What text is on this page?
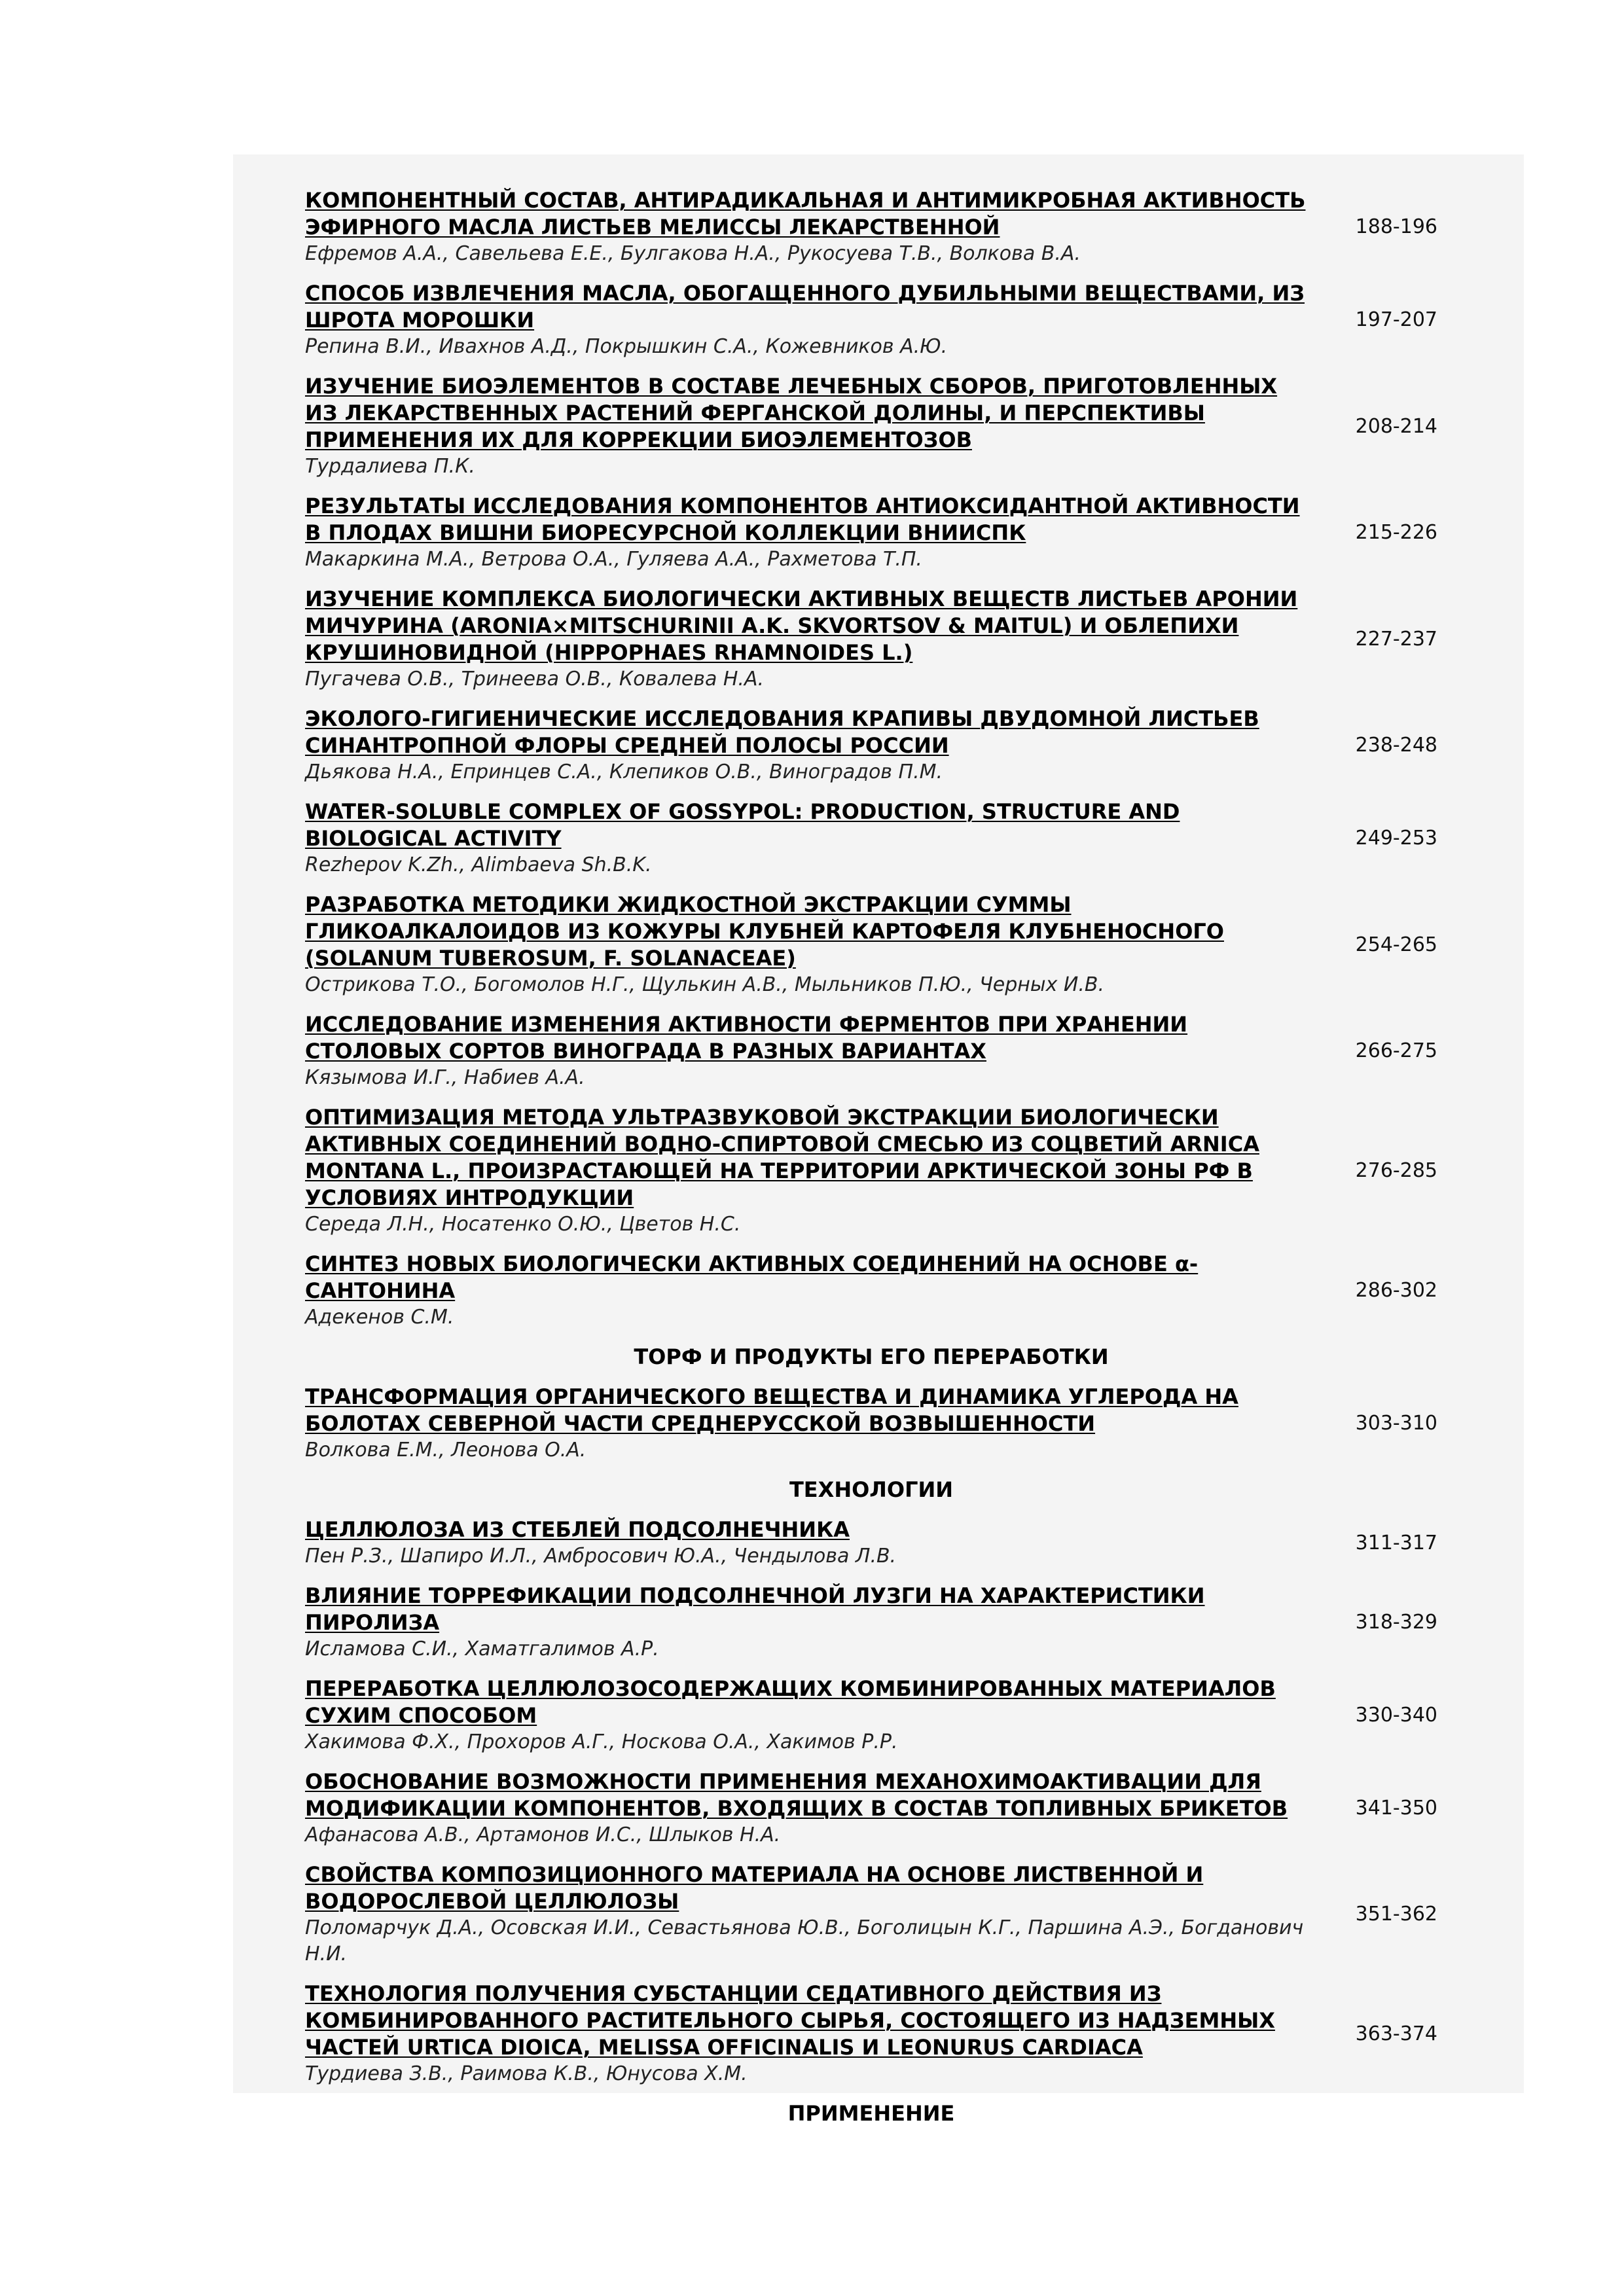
КОМПОНЕНТНЫЙ СОСТАВ, АНТИРАДИКАЛЬНАЯ И АНТИМИКРОБНАЯ АКТИВНОСТЬ ЭФИРНОГО МАСЛА ЛИСТЬЕВ МЕЛИССЫ ЛЕКАРСТВЕННОЙ
Ефремов А.А., Савельева Е.Е., Булгакова Н.А., Рукосуева Т.В., Волкова В.А.
188-196
СПОСОБ ИЗВЛЕЧЕНИЯ МАСЛА, ОБОГАЩЕННОГО ДУБИЛЬНЫМИ ВЕЩЕСТВАМИ, ИЗ ШРОТА МОРОШКИ
Репина В.И., Ивахнов А.Д., Покрышкин С.А., Кожевников А.Ю.
197-207
ИЗУЧЕНИЕ БИОЭЛЕМЕНТОВ В СОСТАВЕ ЛЕЧЕБНЫХ СБОРОВ, ПРИГОТОВЛЕННЫХ ИЗ ЛЕКАРСТВЕННЫХ РАСТЕНИЙ ФЕРГАНСКОЙ ДОЛИНЫ, И ПЕРСПЕКТИВЫ ПРИМЕНЕНИЯ ИХ ДЛЯ КОРРЕКЦИИ БИОЭЛЕМЕНТОЗОВ
Турдалиева П.К.
208-214
РЕЗУЛЬТАТЫ ИССЛЕДОВАНИЯ КОМПОНЕНТОВ АНТИОКСИДАНТНОЙ АКТИВНОСТИ В ПЛОДАХ ВИШНИ БИОРЕСУРСНОЙ КОЛЛЕКЦИИ ВНИИСПК
Макаркина М.А., Ветрова О.А., Гуляева А.А., Рахметова Т.П.
215-226
ИЗУЧЕНИЕ КОМПЛЕКСА БИОЛОГИЧЕСКИ АКТИВНЫХ ВЕЩЕСТВ ЛИСТЬЕВ АРОНИИ МИЧУРИНА (ARONIA×MITSCHURINII A.K. SKVORTSOV & MAITUL) И ОБЛЕПИХИ КРУШИНОВИДНОЙ (HIPPOPHAES RHAMNOIDES L.)
Пугачева О.В., Тринеева О.В., Ковалева Н.А.
227-237
ЭКОЛОГО-ГИГИЕНИЧЕСКИЕ ИССЛЕДОВАНИЯ КРАПИВЫ ДВУДОМНОЙ ЛИСТЬЕВ СИНАНТРОПНОЙ ФЛОРЫ СРЕДНЕЙ ПОЛОСЫ РОССИИ
Дьякова Н.А., Епринцев С.А., Клепиков О.В., Виноградов П.М.
238-248
WATER-SOLUBLE COMPLEX OF GOSSYPOL: PRODUCTION, STRUCTURE AND BIOLOGICAL ACTIVITY
Rezhepov K.Zh., Alimbaeva Sh.B.K.
249-253
РАЗРАБОТКА МЕТОДИКИ ЖИДКОСТНОЙ ЭКСТРАКЦИИ СУММЫ ГЛИКОАЛКАЛОИДОВ ИЗ КОЖУРЫ КЛУБНЕЙ КАРТОФЕЛЯ КЛУБНЕНОСНОГО (SOLANUM TUBEROSUM, F. SOLANACEAE)
Острикова Т.О., Богомолов Н.Г., Щулькин А.В., Мыльников П.Ю., Черных И.В.
254-265
ИССЛЕДОВАНИЕ ИЗМЕНЕНИЯ АКТИВНОСТИ ФЕРМЕНТОВ ПРИ ХРАНЕНИИ СТОЛОВЫХ СОРТОВ ВИНОГРАДА В РАЗНЫХ ВАРИАНТАХ
Кязымова И.Г., Набиев А.А.
266-275
ОПТИМИЗАЦИЯ МЕТОДА УЛЬТРАЗВУКОВОЙ ЭКСТРАКЦИИ БИОЛОГИЧЕСКИ АКТИВНЫХ СОЕДИНЕНИЙ ВОДНО-СПИРТОВОЙ СМЕСЬЮ ИЗ СОЦВЕТИЙ ARNICA MONTANA L., ПРОИЗРАСТАЮЩЕЙ НА ТЕРРИТОРИИ АРКТИЧЕСКОЙ ЗОНЫ РФ В УСЛОВИЯХ ИНТРОДУКЦИИ
Середа Л.Н., Носатенко О.Ю., Цветов Н.С.
276-285
СИНТЕЗ НОВЫХ БИОЛОГИЧЕСКИ АКТИВНЫХ СОЕДИНЕНИЙ НА ОСНОВЕ α-САНТОНИНА
Адекенов С.М.
286-302
ТОРФ И ПРОДУКТЫ ЕГО ПЕРЕРАБОТКИ
ТРАНСФОРМАЦИЯ ОРГАНИЧЕСКОГО ВЕЩЕСТВА И ДИНАМИКА УГЛЕРОДА НА БОЛОТАХ СЕВЕРНОЙ ЧАСТИ СРЕДНЕРУССКОЙ ВОЗВЫШЕННОСТИ
Волкова Е.М., Леонова О.А.
303-310
ТЕХНОЛОГИИ
ЦЕЛЛЮЛОЗА ИЗ СТЕБЛЕЙ ПОДСОЛНЕЧНИКА
Пен Р.З., Шапиро И.Л., Амбросович Ю.А., Чендылова Л.В.
311-317
ВЛИЯНИЕ ТОРРЕФИКАЦИИ ПОДСОЛНЕЧНОЙ ЛУЗГИ НА ХАРАКТЕРИСТИКИ ПИРОЛИЗА
Исламова С.И., Хаматгалимов А.Р.
318-329
ПЕРЕРАБОТКА ЦЕЛЛЮЛОЗОСОДЕРЖАЩИХ КОМБИНИРОВАННЫХ МАТЕРИАЛОВ СУХИМ СПОСОБОМ
Хакимова Ф.Х., Прохоров А.Г., Носкова О.А., Хакимов Р.Р.
330-340
ОБОСНОВАНИЕ ВОЗМОЖНОСТИ ПРИМЕНЕНИЯ МЕХАНОХИМОАКТИВАЦИИ ДЛЯ МОДИФИКАЦИИ КОМПОНЕНТОВ, ВХОДЯЩИХ В СОСТАВ ТОПЛИВНЫХ БРИКЕТОВ
Афанасова А.В., Артамонов И.С., Шлыков Н.А.
341-350
СВОЙСТВА КОМПОЗИЦИОННОГО МАТЕРИАЛА НА ОСНОВЕ ЛИСТВЕННОЙ И ВОДОРОСЛЕВОЙ ЦЕЛЛЮЛОЗЫ
Поломарчук Д.А., Осовская И.И., Севастьянова Ю.В., Боголицын К.Г., Паршина А.Э., Богданович Н.И.
351-362
ТЕХНОЛОГИЯ ПОЛУЧЕНИЯ СУБСТАНЦИИ СЕДАТИВНОГО ДЕЙСТВИЯ ИЗ КОМБИНИРОВАННОГО РАСТИТЕЛЬНОГО СЫРЬЯ, СОСТОЯЩЕГО ИЗ НАДЗЕМНЫХ ЧАСТЕЙ URTICA DIOICA, MELISSA OFFICINALIS И LEONURUS CARDIACA
Турдиева З.В., Раимова К.В., Юнусова Х.М.
363-374
ПРИМЕНЕНИЕ
